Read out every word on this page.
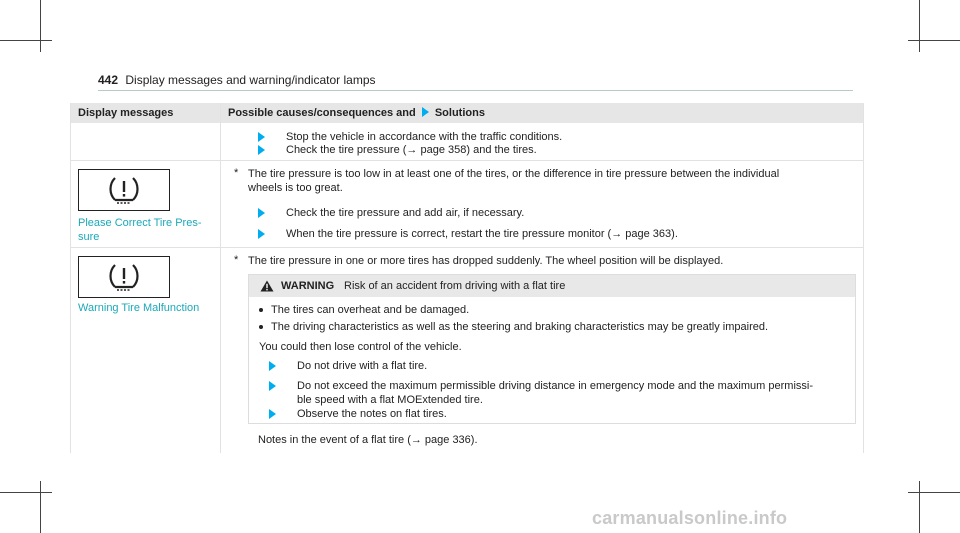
442 Display messages and warning/indicator lamps
Display messages	Possible causes/consequences and Solutions
Stop the vehicle in accordance with the traffic conditions.
Check the tire pressure (→ page 358) and the tires.
Please Correct Tire Pres-
sure
* The tire pressure is too low in at least one of the tires, or the difference in tire pressure between the individual
wheels is too great.
Check the tire pressure and add air, if necessary.
When the tire pressure is correct, restart the tire pressure monitor (→ page 363).
Warning Tire Malfunction
* The tire pressure in one or more tires has dropped suddenly. The wheel position will be displayed.
WARNING Risk of an accident from driving with a flat tire
The tires can overheat and be damaged.
The driving characteristics as well as the steering and braking characteristics may be greatly impaired.
You could then lose control of the vehicle.
Do not drive with a flat tire.
Do not exceed the maximum permissible driving distance in emergency mode and the maximum permissi-
ble speed with a flat MOExtended tire.
Observe the notes on flat tires.
Notes in the event of a flat tire (→ page 336).
carmanualsonline.info
